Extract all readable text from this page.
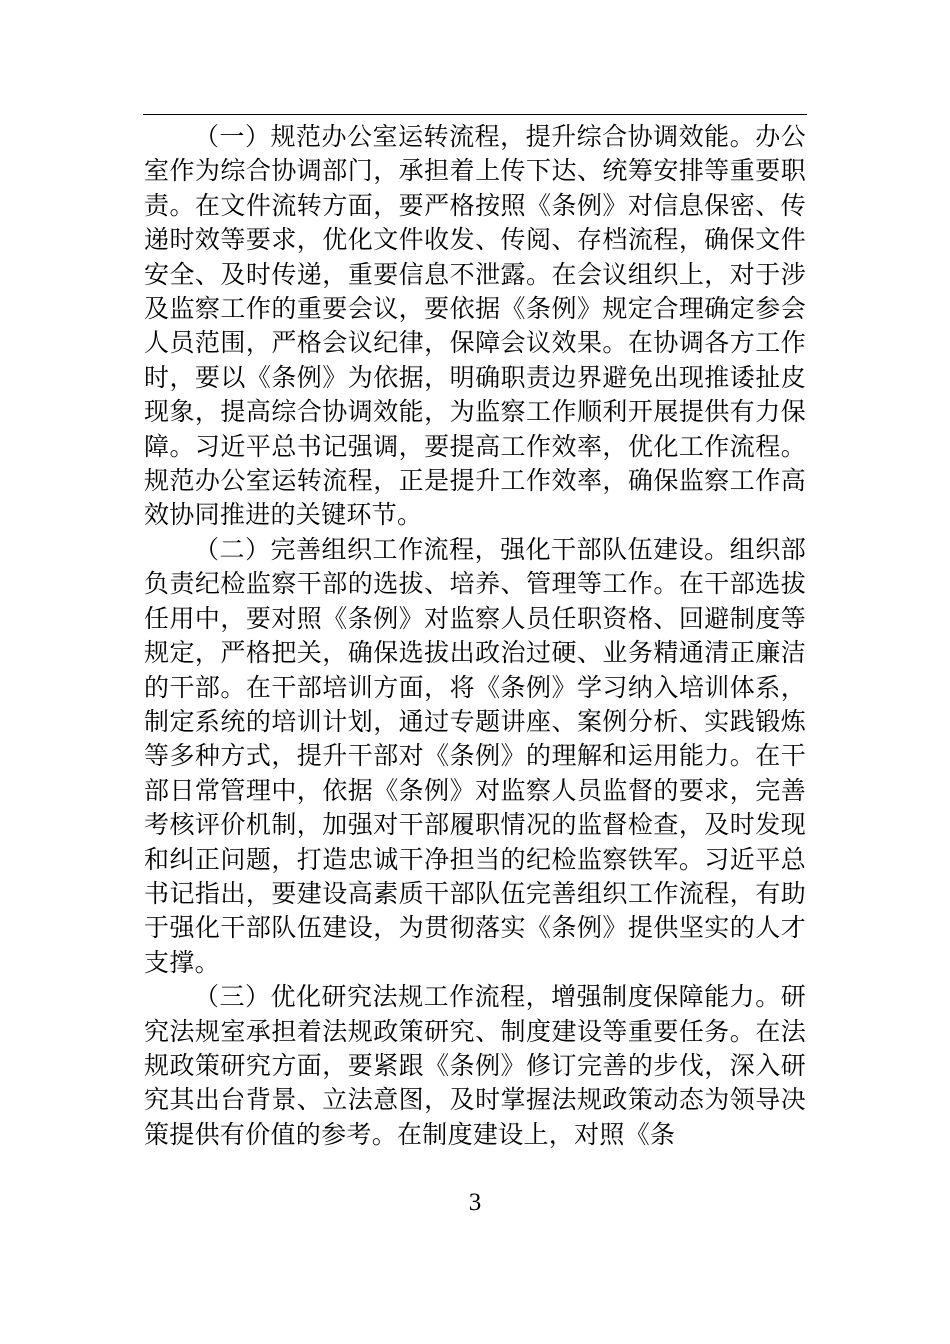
（一）规范办公室运转流程，提升综合协调效能。办公室作为综合协调部门，承担着上传下达、统筹安排等重要职责。在文件流转方面，要严格按照《条例》对信息保密、传递时效等要求，优化文件收发、传阅、存档流程，确保文件安全、及时传递，重要信息不泄露。在会议组织上，对于涉及监察工作的重要会议，要依据《条例》规定合理确定参会人员范围，严格会议纪律，保障会议效果。在协调各方工作时，要以《条例》为依据，明确职责边界避免出现推诿扯皮现象，提高综合协调效能，为监察工作顺利开展提供有力保障。习近平总书记强调，要提高工作效率，优化工作流程。规范办公室运转流程，正是提升工作效率，确保监察工作高效协同推进的关键环节。

（二）完善组织工作流程，强化干部队伍建设。组织部负责纪检监察干部的选拔、培养、管理等工作。在干部选拔任用中，要对照《条例》对监察人员任职资格、回避制度等规定，严格把关，确保选拔出政治过硬、业务精通清正廉洁的干部。在干部培训方面，将《条例》学习纳入培训体系，制定系统的培训计划，通过专题讲座、案例分析、实践锻炼等多种方式，提升干部对《条例》的理解和运用能力。在干部日常管理中，依据《条例》对监察人员监督的要求，完善考核评价机制，加强对干部履职情况的监督检查，及时发现和纠正问题，打造忠诚干净担当的纪检监察铁军。习近平总书记指出，要建设高素质干部队伍完善组织工作流程，有助于强化干部队伍建设，为贯彻落实《条例》提供坚实的人才支撑。

（三）优化研究法规工作流程，增强制度保障能力。研究法规室承担着法规政策研究、制度建设等重要任务。在法规政策研究方面，要紧跟《条例》修订完善的步伐，深入研究其出台背景、立法意图，及时掌握法规政策动态为领导决策提供有价值的参考。在制度建设上，对照《条

3
